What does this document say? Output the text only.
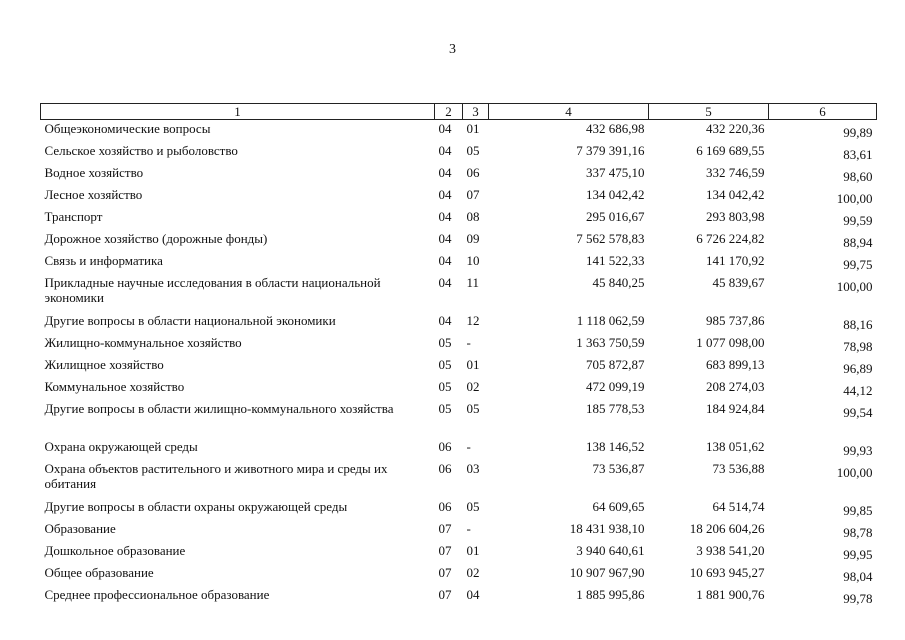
3
1	2	3	4	5	6
Общеэкономические вопросы	04	01	432 686,98	432 220,36	99,89
Сельское хозяйство и рыболовство	04	05	7 379 391,16	6 169 689,55	83,61
Водное хозяйство	04	06	337 475,10	332 746,59	98,60
Лесное хозяйство	04	07	134 042,42	134 042,42	100,00
Транспорт	04	08	295 016,67	293 803,98	99,59
Дорожное хозяйство (дорожные фонды)	04	09	7 562 578,83	6 726 224,82	88,94
Связь и информатика	04	10	141 522,33	141 170,92	99,75
Прикладные научные исследования в области национальной экономики	04	11	45 840,25	45 839,67	100,00
Другие вопросы в области национальной экономики	04	12	1 118 062,59	985 737,86	88,16
Жилищно-коммунальное хозяйство	05	-	1 363 750,59	1 077 098,00	78,98
Жилищное хозяйство	05	01	705 872,87	683 899,13	96,89
Коммунальное хозяйство	05	02	472 099,19	208 274,03	44,12
Другие вопросы в области жилищно-коммунального хозяйства	05	05	185 778,53	184 924,84	99,54
Охрана окружающей среды	06	-	138 146,52	138 051,62	99,93
Охрана объектов растительного и животного мира и среды их обитания	06	03	73 536,87	73 536,88	100,00
Другие вопросы в области охраны окружающей среды	06	05	64 609,65	64 514,74	99,85
Образование	07	-	18 431 938,10	18 206 604,26	98,78
Дошкольное образование	07	01	3 940 640,61	3 938 541,20	99,95
Общее образование	07	02	10 907 967,90	10 693 945,27	98,04
Среднее профессиональное образование	07	04	1 885 995,86	1 881 900,76	99,78
